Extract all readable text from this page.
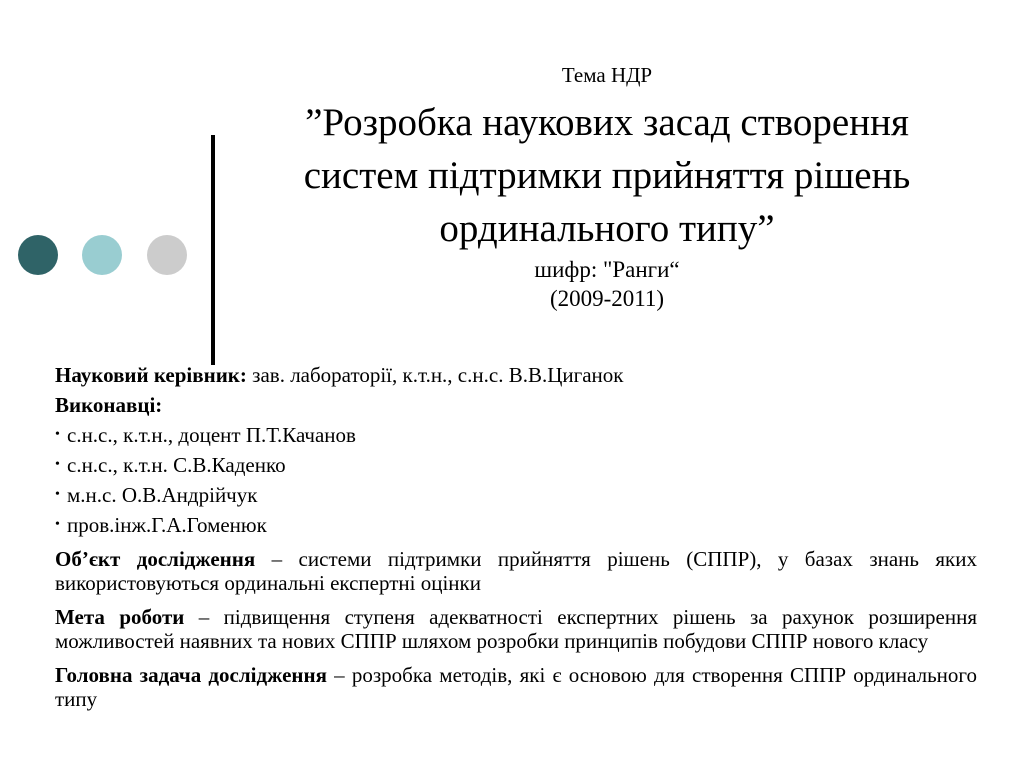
Тема НДР
”Розробка наукових засад створення
систем підтримки прийняття рішень
ординального типу”
шифр: "Ранги“
(2009-2011)
Науковий керівник: зав. лабораторії, к.т.н., с.н.с. В.В.Циганок
Виконавці:
• с.н.с., к.т.н., доцент П.Т.Качанов
• с.н.с., к.т.н. С.В.Каденко
• м.н.с. О.В.Андрійчук
• пров.інж.Г.А.Гоменюк
Об’єкт дослідження – системи підтримки прийняття рішень (СППР), у базах знань яких використовуються ординальні експертні оцінки
Мета роботи – підвищення ступеня адекватності експертних рішень за рахунок розширення можливостей наявних та нових СППР шляхом розробки принципів побудови СППР нового класу
Головна задача дослідження – розробка методів, які є основою для створення СППР ординального типу
